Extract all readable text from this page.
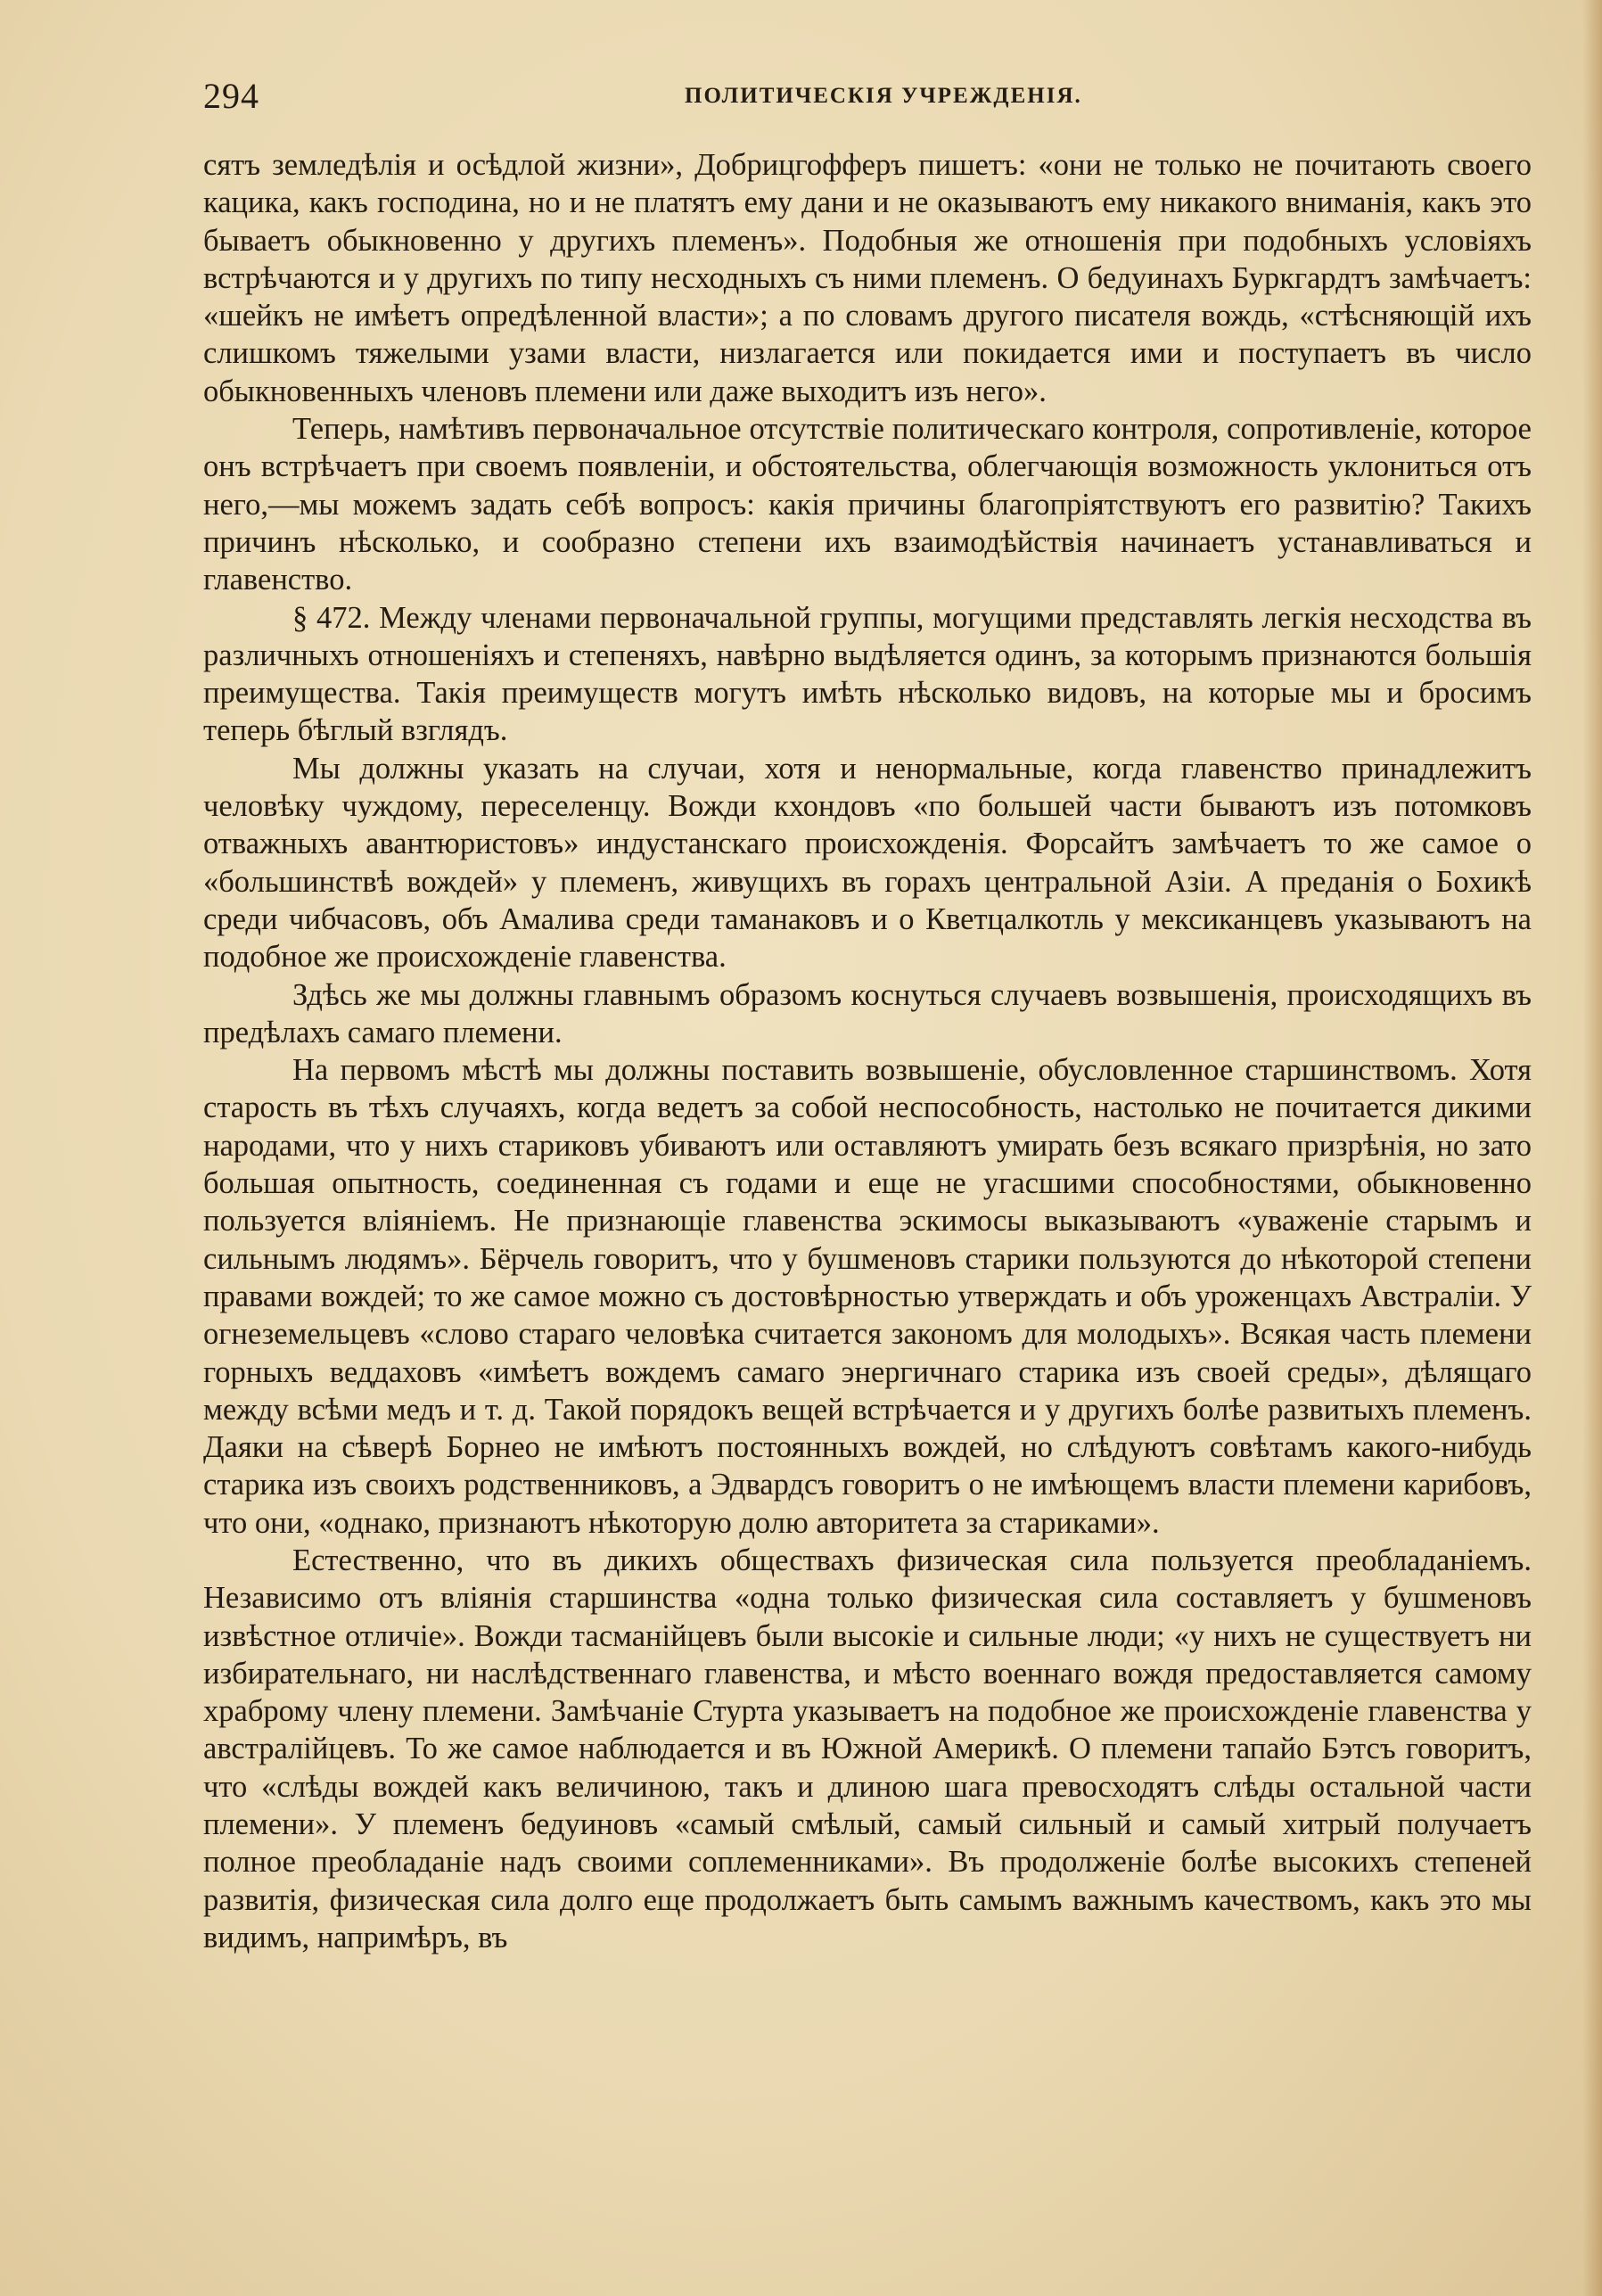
294	ПОЛИТИЧЕСКІЯ УЧРЕЖДЕНІЯ.

сятъ земледѣлія и осѣдлой жизни», Добрицгофферъ пишетъ: «они не только не почитають своего кацика, какъ господина, но и не платятъ ему дани и не оказываютъ ему никакого вниманія, какъ это бываетъ обыкновенно у другихъ племенъ». Подобныя же отношенія при подобныхъ условіяхъ встрѣчаются и у другихъ по типу несходныхъ съ ними племенъ. О бедуинахъ Буркгардтъ замѣчаетъ: «шейкъ не имѣетъ опредѣленной власти»; а по словамъ другого писателя вождь, «стѣсняющій ихъ слишкомъ тяжелыми узами власти, низлагается или покидается ими и поступаетъ въ число обыкновенныхъ членовъ племени или даже выходитъ изъ него».

Теперь, намѣтивъ первоначальное отсутствіе политическаго контроля, сопротивленіе, которое онъ встрѣчаетъ при своемъ появленіи, и обстоятельства, облегчающія возможность уклониться отъ него,—мы можемъ задать себѣ вопросъ: какія причины благопріятствуютъ его развитію? Такихъ причинъ нѣсколько, и сообразно степени ихъ взаимодѣйствія начинаетъ устанавливаться и главенство.

§ 472. Между членами первоначальной группы, могущими представлять легкія несходства въ различныхъ отношеніяхъ и степеняхъ, навѣрно выдѣляется одинъ, за которымъ признаются большія преимущества. Такія преимуществ могутъ имѣть нѣсколько видовъ, на которые мы и бросимъ теперь бѣглый взглядъ.

Мы должны указать на случаи, хотя и ненормальные, когда главенство принадлежитъ человѣку чуждому, переселенцу. Вожди кхондовъ «по большей части бываютъ изъ потомковъ отважныхъ авантюристовъ» индустанскаго происхожденія. Форсайтъ замѣчаетъ то же самое о «большинствѣ вождей» у племенъ, живущихъ въ горахъ центральной Азіи. А преданія о Бохикѣ среди чибчасовъ, объ Амалива среди таманаковъ и о Кветцалкотль у мексиканцевъ указываютъ на подобное же происхожденіе главенства.

Здѣсь же мы должны главнымъ образомъ коснуться случаевъ возвышенія, происходящихъ въ предѣлахъ самаго племени.

На первомъ мѣстѣ мы должны поставить возвышеніе, обусловленное старшинствомъ. Хотя старость въ тѣхъ случаяхъ, когда ведетъ за собой неспособность, настолько не почитается дикими народами, что у нихъ стариковъ убиваютъ или оставляютъ умирать безъ всякаго призрѣнія, но зато большая опытность, соединенная съ годами и еще не угасшими способностями, обыкновенно пользуется вліяніемъ. Не признающіе главенства эскимосы выказываютъ «уваженіе старымъ и сильнымъ людямъ». Бёрчель говоритъ, что у бушменовъ старики пользуются до нѣкоторой степени правами вождей; то же самое можно съ достовѣрностью утверждать и объ уроженцахъ Австраліи. У огнеземельцевъ «слово стараго человѣка считается закономъ для молодыхъ». Всякая часть племени горныхъ веддаховъ «имѣетъ вождемъ самаго энергичнаго старика изъ своей среды», дѣлящаго между всѣми медъ и т. д. Такой порядокъ вещей встрѣчается и у другихъ болѣе развитыхъ племенъ. Даяки на сѣверѣ Борнео не имѣютъ постоянныхъ вождей, но слѣдуютъ совѣтамъ какого-нибудь старика изъ своихъ родственниковъ, а Эдвардсъ говоритъ о не имѣющемъ власти племени карибовъ, что они, «однако, признаютъ нѣкоторую долю авторитета за стариками».

Естественно, что въ дикихъ обществахъ физическая сила пользуется преобладаніемъ. Независимо отъ вліянія старшинства «одна только физическая сила составляетъ у бушменовъ извѣстное отличіе». Вожди тасманійцевъ были высокіе и сильные люди; «у нихъ не существуетъ ни избирательнаго, ни наслѣдственнаго главенства, и мѣсто военнаго вождя предоставляется самому храброму члену племени. Замѣчаніе Стурта указываетъ на подобное же происхожденіе главенства у австралійцевъ. То же самое наблюдается и въ Южной Америкѣ. О племени тапайо Бэтсъ говоритъ, что «слѣды вождей какъ величиною, такъ и длиною шага превосходятъ слѣды остальной части племени». У племенъ бедуиновъ «самый смѣлый, самый сильный и самый хитрый получаетъ полное преобладаніе надъ своими соплеменниками». Въ продолженіе болѣе высокихъ степеней развитія, физическая сила долго еще продолжаетъ быть самымъ важнымъ качествомъ, какъ это мы видимъ, напримѣръ, въ
